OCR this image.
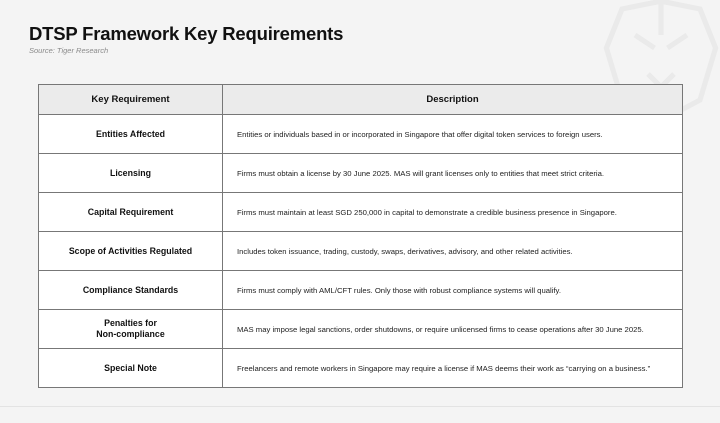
DTSP Framework Key Requirements
Source: Tiger Research
Key Requirement	Description
Entities Affected	Entities or individuals based in or incorporated in Singapore that offer digital token services to foreign users.
Licensing	Firms must obtain a license by 30 June 2025. MAS will grant licenses only to entities that meet strict criteria.
Capital Requirement	Firms must maintain at least SGD 250,000 in capital to demonstrate a credible business presence in Singapore.
Scope of Activities Regulated	Includes token issuance, trading, custody, swaps, derivatives, advisory, and other related activities.
Compliance Standards	Firms must comply with AML/CFT rules. Only those with robust compliance systems will qualify.
Penalties for
Non-compliance	MAS may impose legal sanctions, order shutdowns, or require unlicensed firms to cease operations after 30 June 2025.
Special Note	Freelancers and remote workers in Singapore may require a license if MAS deems their work as “carrying on a business.”
